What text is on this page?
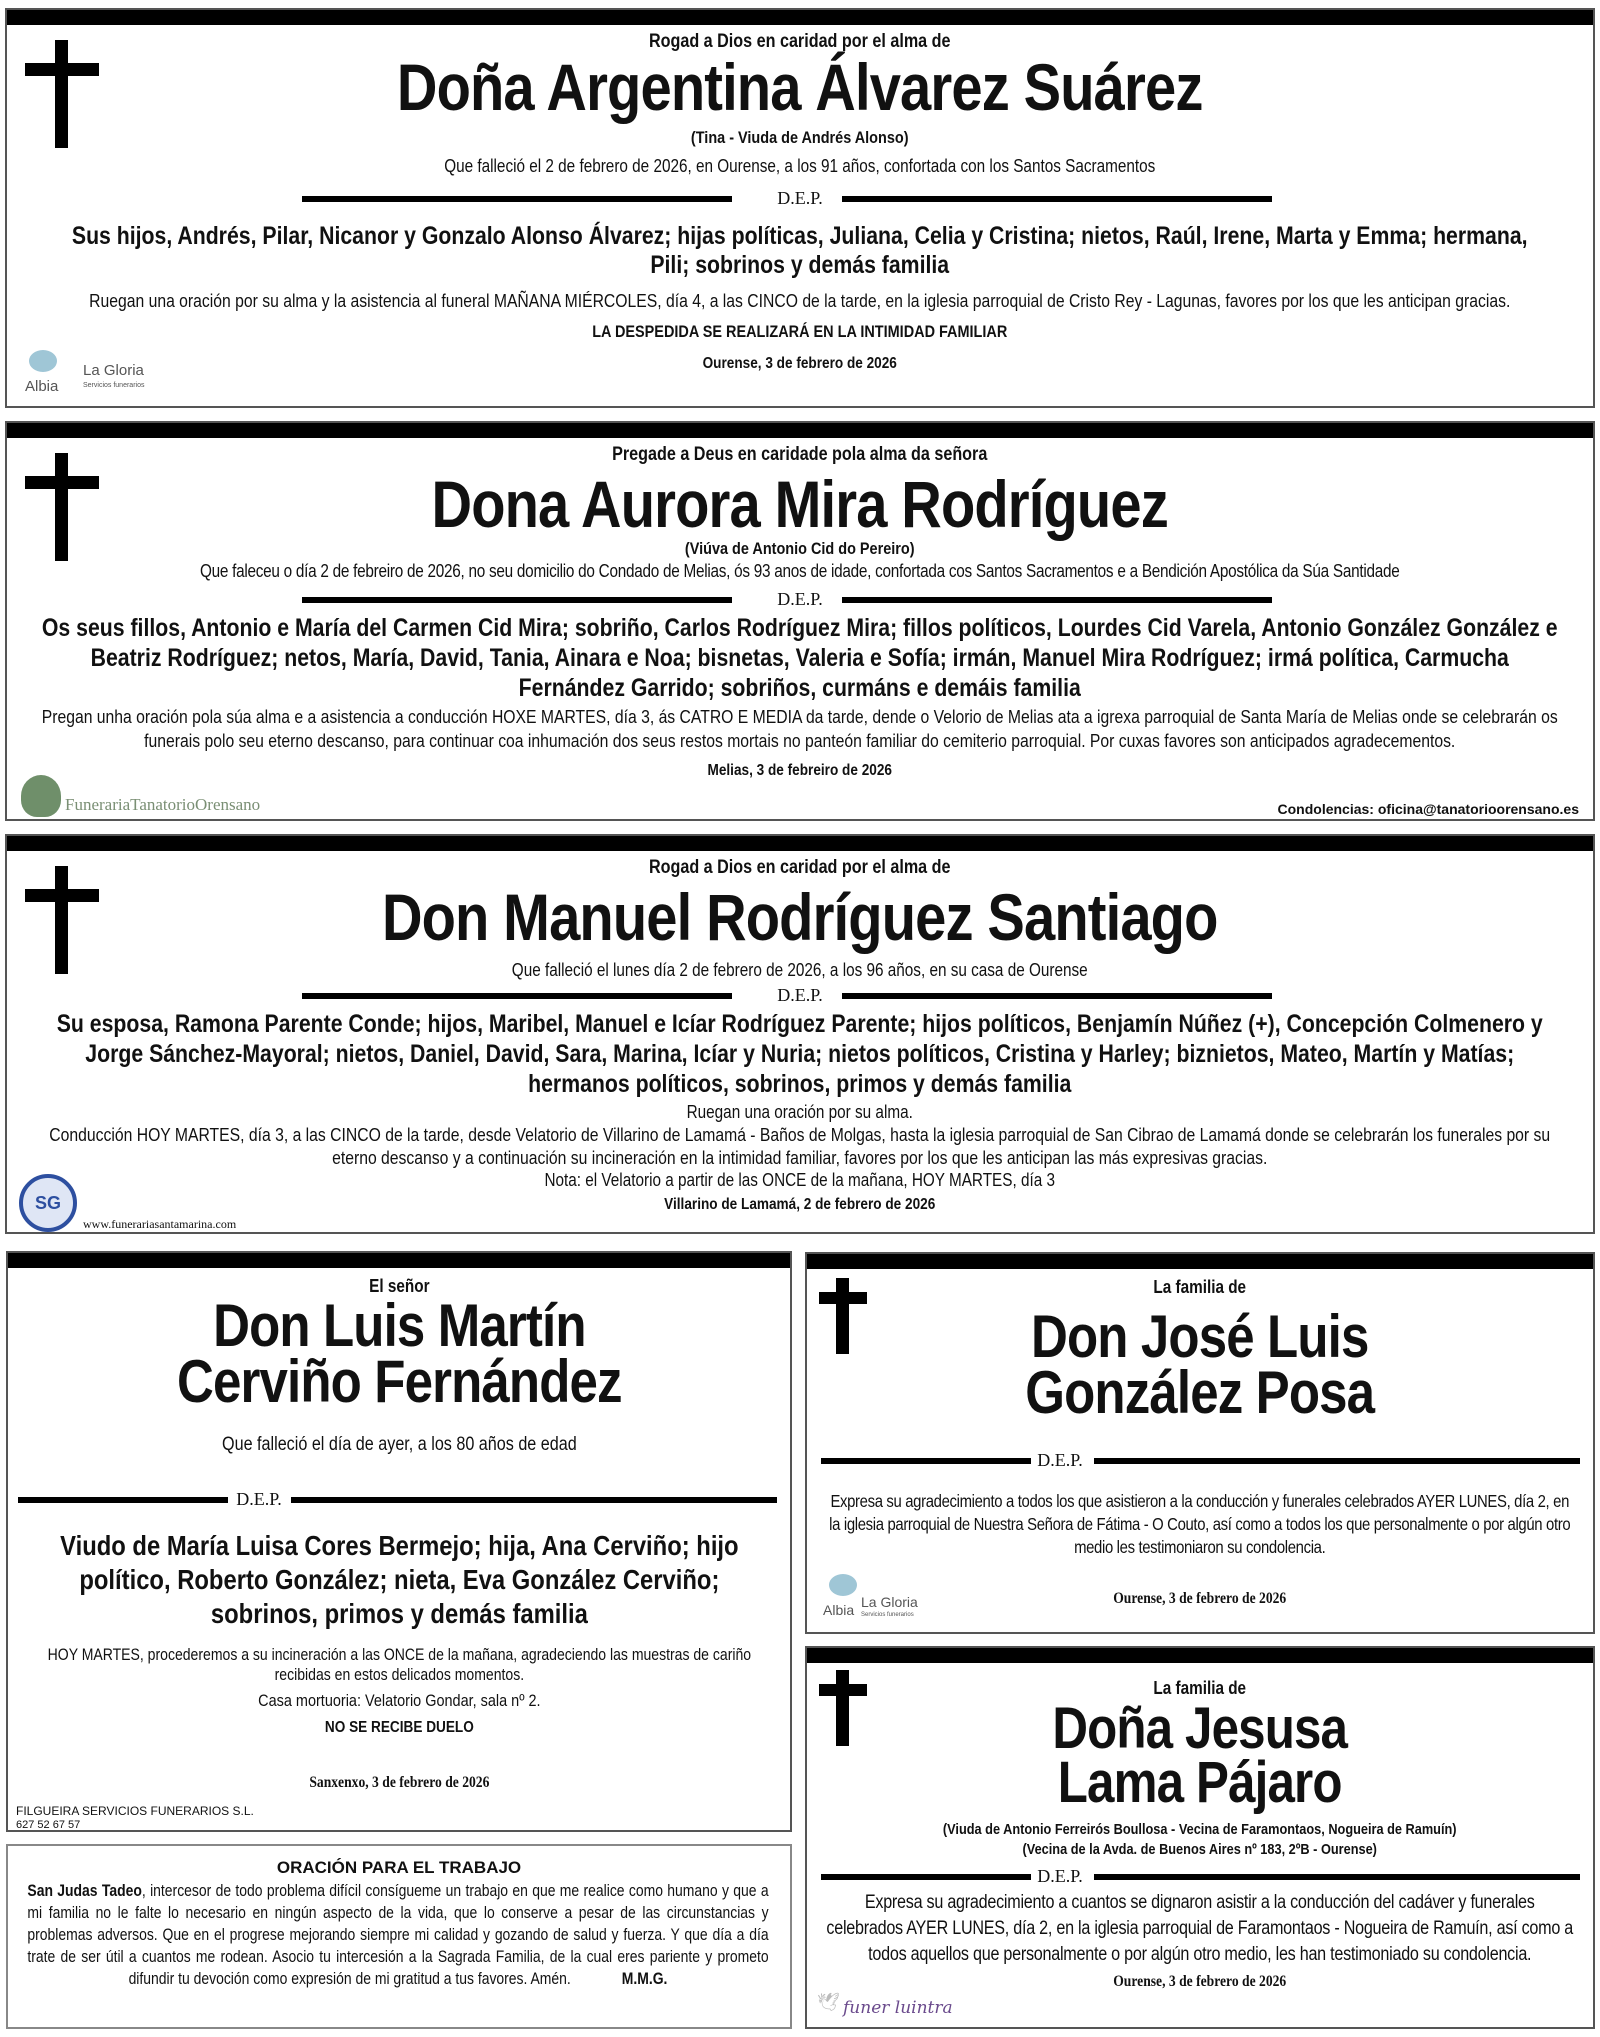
Albia
La Gloria
Servicios funerarios
Rogad a Dios en caridad por el alma de
Doña Argentina Álvarez Suárez
(Tina - Viuda de Andrés Alonso)
Que falleció el 2 de febrero de 2026, en Ourense, a los 91 años, confortada con los Santos Sacramentos
D.E.P.
Sus hijos, Andrés, Pilar, Nicanor y Gonzalo Alonso Álvarez; hijas políticas, Juliana, Celia y Cristina; nietos, Raúl, Irene, Marta y Emma; hermana, Pili; sobrinos y demás familia
Ruegan una oración por su alma y la asistencia al funeral MAÑANA MIÉRCOLES, día 4, a las CINCO de la tarde, en la iglesia parroquial de Cristo Rey - Lagunas, favores por los que les anticipan gracias.
LA DESPEDIDA SE REALIZARÁ EN LA INTIMIDAD FAMILIAR
Ourense, 3 de febrero de 2026
FunerariaTanatorioOrensano	Condolencias: oficina@tanatorioorensano.es
Pregade a Deus en caridade pola alma da señora
Dona Aurora Mira Rodríguez
(Viúva de Antonio Cid do Pereiro)
Que faleceu o día 2 de febreiro de 2026, no seu domicilio do Condado de Melias, ós 93 anos de idade, confortada cos Santos Sacramentos e a Bendición Apostólica da Súa Santidade
D.E.P.
Os seus fillos, Antonio e María del Carmen Cid Mira; sobriño, Carlos Rodríguez Mira; fillos políticos, Lourdes Cid Varela, Antonio González González e Beatriz Rodríguez; netos, María, David, Tania, Ainara e Noa; bisnetas, Valeria e Sofía; irmán, Manuel Mira Rodríguez; irmá política, Carmucha Fernández Garrido; sobriños, curmáns e demáis familia
Pregan unha oración pola súa alma e a asistencia a conducción HOXE MARTES, día 3, ás CATRO E MEDIA da tarde, dende o Velorio de Melias ata a igrexa parroquial de Santa María de Melias onde se celebrarán os funerais polo seu eterno descanso, para continuar coa inhumación dos seus restos mortais no panteón familiar do cemiterio parroquial. Por cuxas favores son anticipados agradecementos.
Melias, 3 de febreiro de 2026
SG
www.funerariasantamarina.com
Rogad a Dios en caridad por el alma de
Don Manuel Rodríguez Santiago
Que falleció el lunes día 2 de febrero de 2026, a los 96 años, en su casa de Ourense
D.E.P.
Su esposa, Ramona Parente Conde; hijos, Maribel, Manuel e Icíar Rodríguez Parente; hijos políticos, Benjamín Núñez (+), Concepción Colmenero y Jorge Sánchez-Mayoral; nietos, Daniel, David, Sara, Marina, Icíar y Nuria; nietos políticos, Cristina y Harley; biznietos, Mateo, Martín y Matías; hermanos políticos, sobrinos, primos y demás familia
Ruegan una oración por su alma.
Conducción HOY MARTES, día 3, a las CINCO de la tarde, desde Velatorio de Villarino de Lamamá - Baños de Molgas, hasta la iglesia parroquial de San Cibrao de Lamamá donde se celebrarán los funerales por su eterno descanso y a continuación su incineración en la intimidad familiar, favores por los que les anticipan las más expresivas gracias.
Nota: el Velatorio a partir de las ONCE de la mañana, HOY MARTES, día 3
Villarino de Lamamá, 2 de febrero de 2026
FILGUEIRA SERVICIOS FUNERARIOS S.L.
627 52 67 57
El señor
Don Luis Martín
Cerviño Fernández
Que falleció el día de ayer, a los 80 años de edad
D.E.P.
Viudo de María Luisa Cores Bermejo; hija, Ana Cerviño; hijo político, Roberto González; nieta, Eva González Cerviño; sobrinos, primos y demás familia
HOY MARTES, procederemos a su incineración a las ONCE de la mañana, agradeciendo las muestras de cariño recibidas en estos delicados momentos.
Casa mortuoria: Velatorio Gondar, sala nº 2.
NO SE RECIBE DUELO
Sanxenxo, 3 de febrero de 2026
ORACIÓN PARA EL TRABAJO
San Judas Tadeo, intercesor de todo problema difícil consígueme un trabajo en que me realice como humano y que a mi familia no le falte lo necesario en ningún aspecto de la vida, que lo conserve a pesar de las circunstancias y problemas adversos. Que en el progrese mejorando siempre mi calidad y gozando de salud y fuerza. Y que día a día trate de ser útil a cuantos me rodean. Asocio tu intercesión a la Sagrada Familia, de la cual eres pariente y prometo difundir tu devoción como expresión de mi gratitud a tus favores. Amén.	M.M.G.
Albia La Gloria
Servicios funerarios
La familia de
Don José Luis
González Posa
D.E.P.
Expresa su agradecimiento a todos los que asistieron a la conducción y funerales celebrados AYER LUNES, día 2, en la iglesia parroquial de Nuestra Señora de Fátima - O Couto, así como a todos los que personalmente o por algún otro medio les testimoniaron su condolencia.
Ourense, 3 de febrero de 2026
🕊 funer luintra
La familia de
Doña Jesusa
Lama Pájaro
(Viuda de Antonio Ferreirós Boullosa - Vecina de Faramontaos, Nogueira de Ramuín)
(Vecina de la Avda. de Buenos Aires nº 183, 2ºB - Ourense)
D.E.P.
Expresa su agradecimiento a cuantos se dignaron asistir a la conducción del cadáver y funerales celebrados AYER LUNES, día 2, en la iglesia parroquial de Faramontaos - Nogueira de Ramuín, así como a todos aquellos que personalmente o por algún otro medio, les han testimoniado su condolencia.
Ourense, 3 de febrero de 2026
